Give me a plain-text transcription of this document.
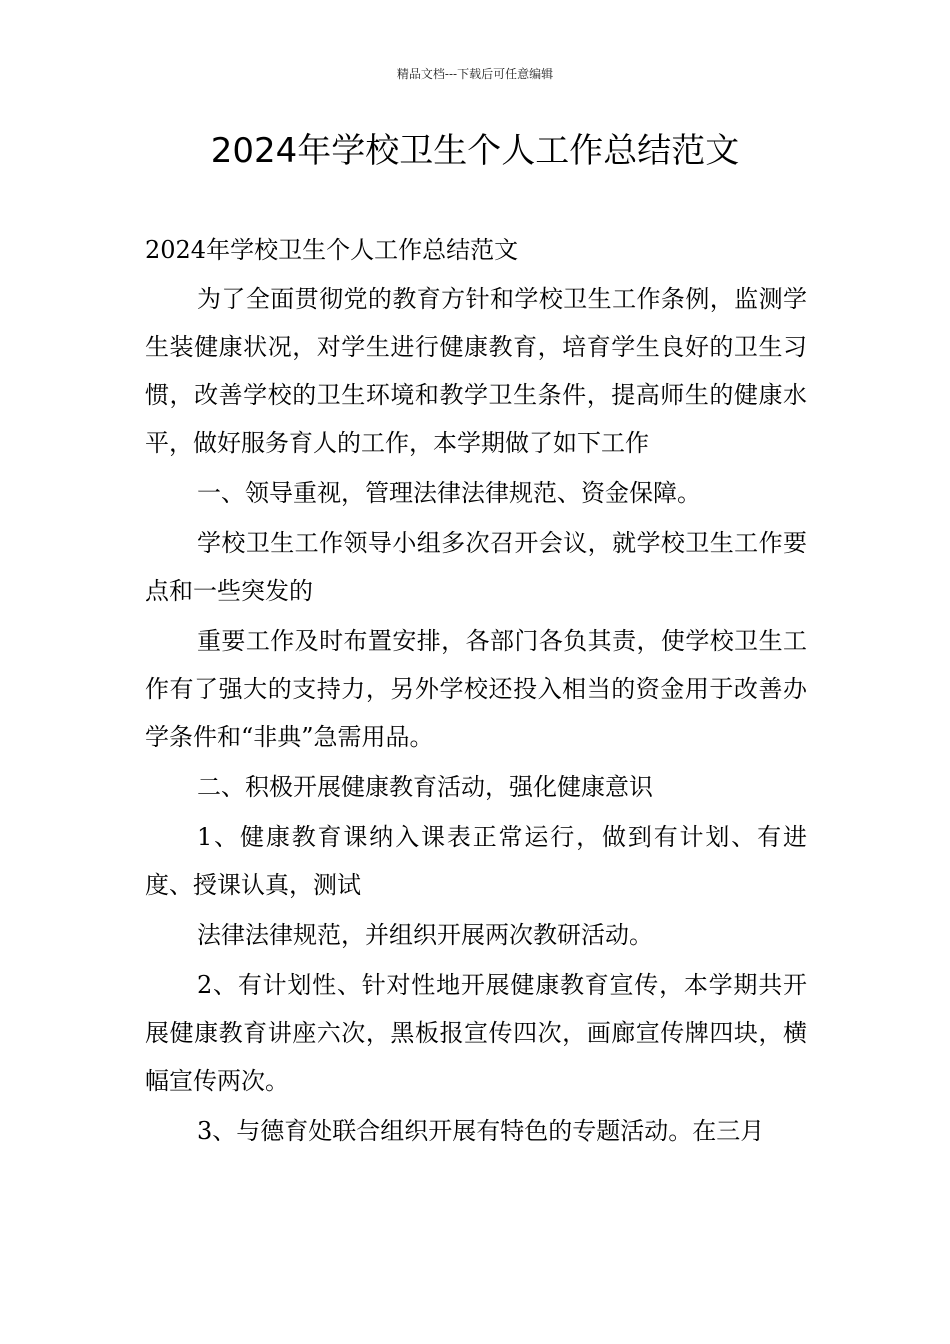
精品文档---下载后可任意编辑
2024年学校卫生个人工作总结范文

2024年学校卫生个人工作总结范文

为了全面贯彻党的教育方针和学校卫生工作条例，监测学生装健康状况，对学生进行健康教育，培育学生良好的卫生习惯，改善学校的卫生环境和教学卫生条件，提高师生的健康水平，做好服务育人的工作，本学期做了如下工作

一、领导重视，管理法律法律规范、资金保障。

学校卫生工作领导小组多次召开会议，就学校卫生工作要点和一些突发的

重要工作及时布置安排，各部门各负其责，使学校卫生工作有了强大的支持力，另外学校还投入相当的资金用于改善办学条件和“非典”急需用品。

二、积极开展健康教育活动，强化健康意识

1、健康教育课纳入课表正常运行，做到有计划、有进度、授课认真，测试

法律法律规范，并组织开展两次教研活动。

2、有计划性、针对性地开展健康教育宣传，本学期共开展健康教育讲座六次，黑板报宣传四次，画廊宣传牌四块，横幅宣传两次。

3、与德育处联合组织开展有特色的专题活动。在三月
